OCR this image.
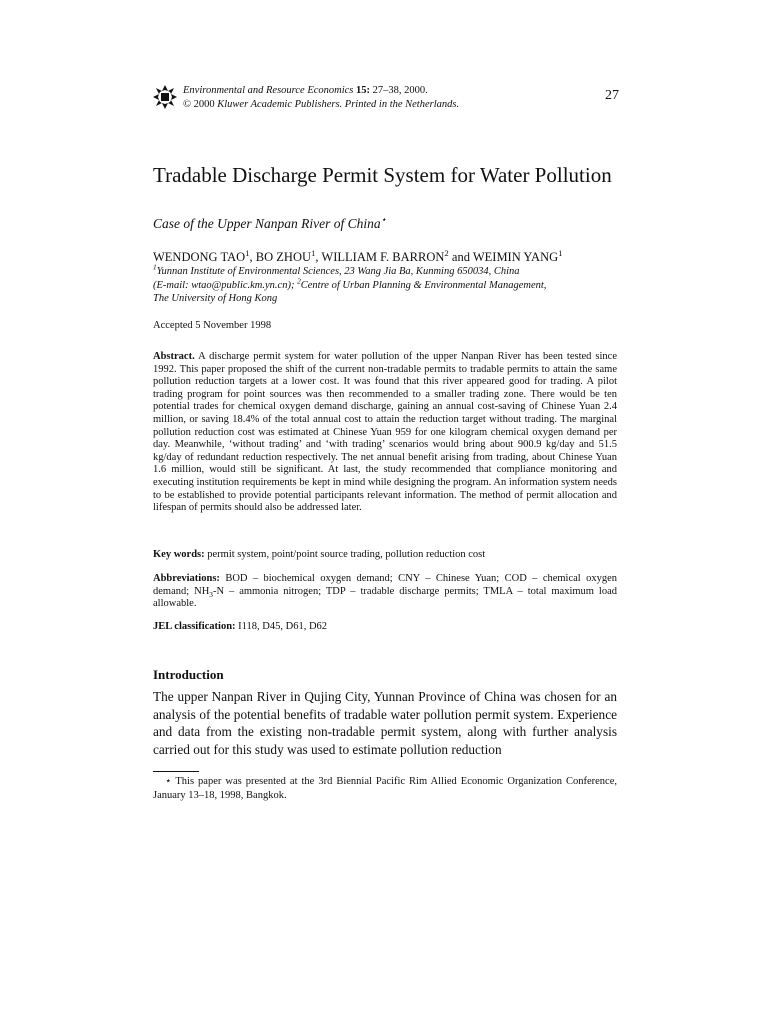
Environmental and Resource Economics 15: 27–38, 2000.
© 2000 Kluwer Academic Publishers. Printed in the Netherlands.
27
Tradable Discharge Permit System for Water Pollution
Case of the Upper Nanpan River of China⋆
WENDONG TAO$^1$, BO ZHOU$^1$, WILLIAM F. BARRON$^2$ and WEIMIN YANG$^1$
$^1$Yunnan Institute of Environmental Sciences, 23 Wang Jia Ba, Kunming 650034, China
(E-mail: wtao@public.km.yn.cn); $^2$Centre of Urban Planning & Environmental Management,
The University of Hong Kong
Accepted 5 November 1998

Abstract. A discharge permit system for water pollution of the upper Nanpan River has been tested since 1992. This paper proposed the shift of the current non-tradable permits to tradable permits to attain the same pollution reduction targets at a lower cost. It was found that this river appeared good for trading. A pilot trading program for point sources was then recommended to a smaller trading zone. There would be ten potential trades for chemical oxygen demand discharge, gaining an annual cost-saving of Chinese Yuan 2.4 million, or saving 18.4% of the total annual cost to attain the reduction target without trading. The marginal pollution reduction cost was estimated at Chinese Yuan 959 for one kilogram chemical oxygen demand per day. Meanwhile, ‘without trading’ and ‘with trading’ scenarios would bring about 900.9 kg/day and 51.5 kg/day of redundant reduction respectively. The net annual benefit arising from trading, about Chinese Yuan 1.6 million, would still be significant. At last, the study recommended that compliance monitoring and executing institution requirements be kept in mind while designing the program. An information system needs to be established to provide potential participants relevant information. The method of permit allocation and lifespan of permits should also be addressed later.

Key words: permit system, point/point source trading, pollution reduction cost

Abbreviations: BOD – biochemical oxygen demand; CNY – Chinese Yuan; COD – chemical oxygen demand; $NH_3-N$ – ammonia nitrogen; TDP – tradable discharge permits; TMLA – total maximum load allowable.

JEL classification: I118, D45, D61, D62

Introduction

The upper Nanpan River in Qujing City, Yunnan Province of China was chosen for an analysis of the potential benefits of tradable water pollution permit system. Experience and data from the existing non-tradable permit system, along with further analysis carried out for this study was used to estimate pollution reduction

⋆ This paper was presented at the 3rd Biennial Pacific Rim Allied Economic Organization Conference, January 13–18, 1998, Bangkok.
